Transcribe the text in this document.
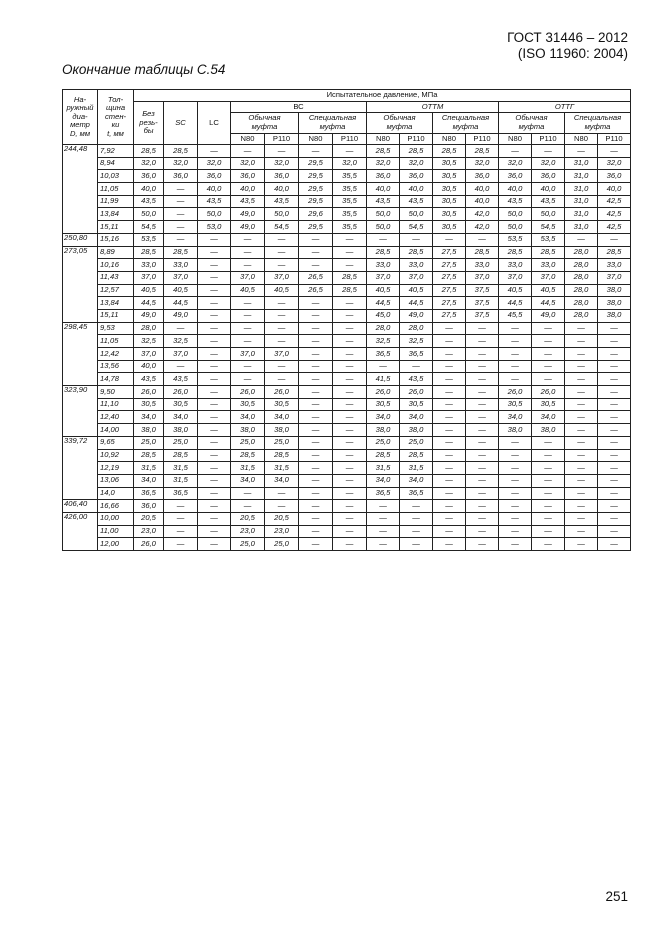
ГОСТ 31446 – 2012
(ISO 11960: 2004)
Окончание таблицы С.54
На-
ружный
диа-
метр
D, мм	Тол-
щина
стен-
ки
t, мм	Испытательное давление, МПа														
		Без
резь-
бы	SC	LC	ВС				ОТТМ				ОТТГ			
					Обычная муфта		Специальная муфта		Обычная муфта		Специальная муфта		Обычная муфта		Специальная муфта	
					N80	P110	N80	P110	N80	P110	N80	P110	N80	P110	N80	P110
244,48	7,92	28,5	28,5	—	—	—	—	—	28,5	28,5	28,5	28,5	—	—	—	—
	8,94	32,0	32,0	32,0	32,0	32,0	29,5	32,0	32,0	32,0	30,5	32,0	32,0	32,0	31,0	32,0
	10,03	36,0	36,0	36,0	36,0	36,0	29,5	35,5	36,0	36,0	30,5	36,0	36,0	36,0	31,0	36,0
	11,05	40,0	—	40,0	40,0	40,0	29,5	35,5	40,0	40,0	30,5	40,0	40,0	40,0	31,0	40,0
	11,99	43,5	—	43,5	43,5	43,5	29,5	35,5	43,5	43,5	30,5	40,0	43,5	43,5	31,0	42,5
	13,84	50,0	—	50,0	49,0	50,0	29,6	35,5	50,0	50,0	30,5	42,0	50,0	50,0	31,0	42,5
	15,11	54,5	—	53,0	49,0	54,5	29,5	35,5	50,0	54,5	30,5	42,0	50,0	54,5	31,0	42,5
250,80	15,16	53,5	—	—	—	—	—	—	—	—	—	—	53,5	53,5	—	—
273,05	8,89	28,5	28,5	—	—	—	—	—	28,5	28,5	27,5	28,5	28,5	28,5	28,0	28,5
	10,16	33,0	33,0	—	—	—	—	—	33,0	33,0	27,5	33,0	33,0	33,0	28,0	33,0
	11,43	37,0	37,0	—	37,0	37,0	26,5	28,5	37,0	37,0	27,5	37,0	37,0	37,0	28,0	37,0
	12,57	40,5	40,5	—	40,5	40,5	26,5	28,5	40,5	40,5	27,5	37,5	40,5	40,5	28,0	38,0
	13,84	44,5	44,5	—	—	—	—	—	44,5	44,5	27,5	37,5	44,5	44,5	28,0	38,0
	15,11	49,0	49,0	—	—	—	—	—	45,0	49,0	27,5	37,5	45,5	49,0	28,0	38,0
298,45	9,53	28,0	—	—	—	—	—	—	28,0	28,0	—	—	—	—	—	—
	11,05	32,5	32,5	—	—	—	—	—	32,5	32,5	—	—	—	—	—	—
	12,42	37,0	37,0	—	37,0	37,0	—	—	36,5	36,5	—	—	—	—	—	—
	13,56	40,0	—	—	—	—	—	—	—	—	—	—	—	—	—	—
	14,78	43,5	43,5	—	—	—	—	—	41,5	43,5	—	—	—	—	—	—
323,90	9,50	26,0	26,0	—	26,0	26,0	—	—	26,0	26,0	—	—	26,0	26,0	—	—
	11,10	30,5	30,5	—	30,5	30,5	—	—	30,5	30,5	—	—	30,5	30,5	—	—
	12,40	34,0	34,0	—	34,0	34,0	—	—	34,0	34,0	—	—	34,0	34,0	—	—
	14,00	38,0	38,0	—	38,0	38,0	—	—	38,0	38,0	—	—	38,0	38,0	—	—
339,72	9,65	25,0	25,0	—	25,0	25,0	—	—	25,0	25,0	—	—	—	—	—	—
	10,92	28,5	28,5	—	28,5	28,5	—	—	28,5	28,5	—	—	—	—	—	—
	12,19	31,5	31,5	—	31,5	31,5	—	—	31,5	31,5	—	—	—	—	—	—
	13,06	34,0	31,5	—	34,0	34,0	—	—	34,0	34,0	—	—	—	—	—	—
	14,0	36,5	36,5	—	—	—	—	—	36,5	36,5	—	—	—	—	—	—
406,40	16,66	36,0	—	—	—	—	—	—	—	—	—	—	—	—	—	—
426,00	10,00	20,5	—	—	20,5	20,5	—	—	—	—	—	—	—	—	—	—
	11,00	23,0	—	—	23,0	23,0	—	—	—	—	—	—	—	—	—	—
	12,00	26,0	—	—	25,0	25,0	—	—	—	—	—	—	—	—	—	—
251
